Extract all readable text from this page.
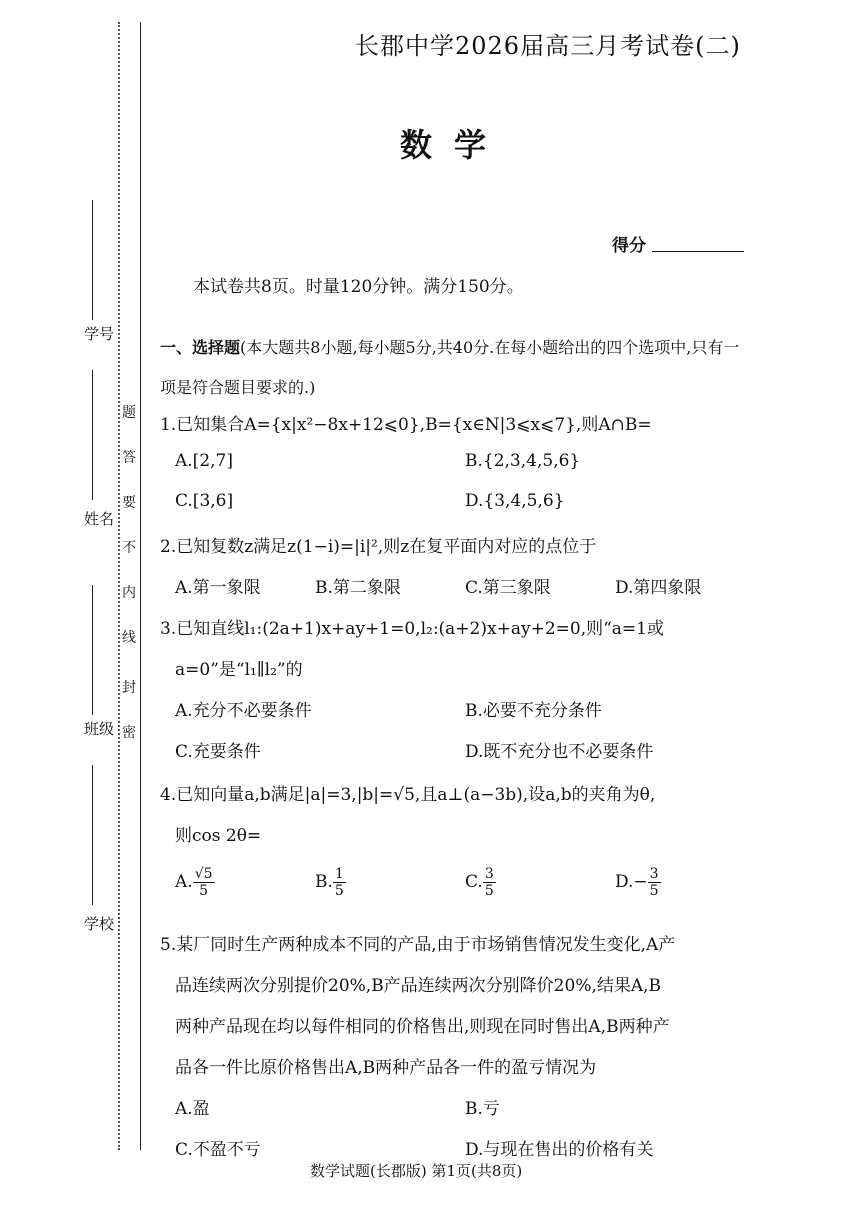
学号
姓名
班级
学校
题
答
要
不
内
线
封
密
长郡中学2026届高三月考试卷(二)
数学
得分
本试卷共8页。时量120分钟。满分150分。
一、选择题(本大题共8小题,每小题5分,共40分.在每小题给出的四个选项中,只有一项是符合题目要求的.)
1.已知集合A={x|x²−8x+12⩽0},B={x∈N|3⩽x⩽7},则A∩B=
A.[2,7]	B.{2,3,4,5,6}
C.[3,6]	D.{3,4,5,6}
2.已知复数z满足z(1−i)=|i|²,则z在复平面内对应的点位于
A.第一象限	B.第二象限	C.第三象限	D.第四象限
3.已知直线l₁:(2a+1)x+ay+1=0,l₂:(a+2)x+ay+2=0,则“a=1或
a=0”是“l₁∥l₂”的
A.充分不必要条件	B.必要不充分条件
C.充要条件	D.既不充分也不必要条件
4.已知向量a,b满足|a|=3,|b|=√5,且a⊥(a−3b),设a,b的夹角为θ,
则cos 2θ=
A. $\frac{√5}{5}$	B. $\frac{1}{5}$	C. $\frac{3}{5}$	$D.- \frac{3}{5}$
5.某厂同时生产两种成本不同的产品,由于市场销售情况发生变化,A产
品连续两次分别提价20%,B产品连续两次分别降价20%,结果A,B
两种产品现在均以每件相同的价格售出,则现在同时售出A,B两种产
品各一件比原价格售出A,B两种产品各一件的盈亏情况为
A.盈	B.亏
C.不盈不亏	D.与现在售出的价格有关
数学试题(长郡版) 第1页(共8页)
